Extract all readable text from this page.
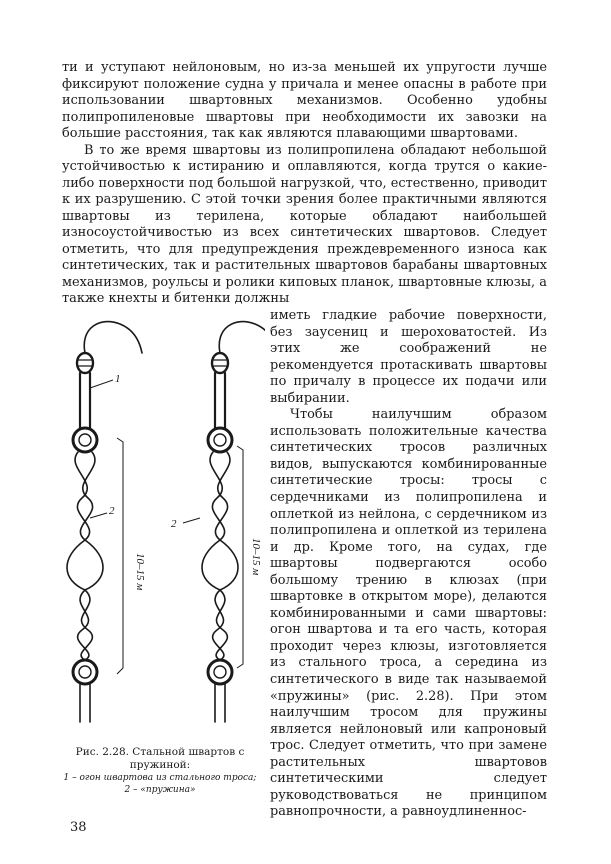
ти и уступают нейлоновым, но из-за меньшей их упругости лучше фиксируют положение судна у причала и менее опасны в работе при использовании швартовных механизмов. Особенно удобны полипропиленовые швартовы при необходимости их завозки на большие расстояния, так как являются плавающими швартовами.

В то же время швартовы из полипропилена обладают небольшой устойчивостью к истиранию и оплавляются, когда трутся о какие-либо поверхности под большой нагрузкой, что, естественно, приводит к их разрушению. С этой точки зрения более практичными являются швартовы из терилена, которые обладают наибольшей износоустойчивостью из всех синтетических швартовов. Следует отметить, что для предупреждения преждевременного износа как синтетических, так и растительных швартовов барабаны швартовных механизмов, роульсы и ролики киповых планок, швартовные клюзы, а также кнехты и битенки должны

иметь гладкие рабочие поверхности, без заусениц и шероховатостей. Из этих же соображений не рекомендуется протаскивать швартовы по причалу в процессе их подачи или выбирании.

Чтобы наилучшим образом использовать положительные качества синтетических тросов различных видов, выпускаются комбинированные синтетические тросы: тросы с сердечниками из полипропилена и оплеткой из нейлона, с сердечником из полипропилена и оплеткой из терилена и др. Кроме того, на судах, где швартовы подвергаются особо большому трению в клюзах (при швартовке в открытом море), делаются комбинированными и сами швартовы: огон швартова и та его часть, которая проходит через клюзы, изготовляется из стального троса, а середина из синтетического в виде так называемой «пружины» (рис. 2.28). При этом наилучшим тросом для пружины является нейлоновый или капроновый трос. Следует отметить, что при замене растительных швартовов синтетическими следует руководствоваться не принципом равнопрочности, а равноудлиненнос-

1
2
2
10–15 м	10–15 м
Рис. 2.28. Стальной швартов с пружиной:
1 – огон швартова из стального троса; 2 – «пружина»
38
